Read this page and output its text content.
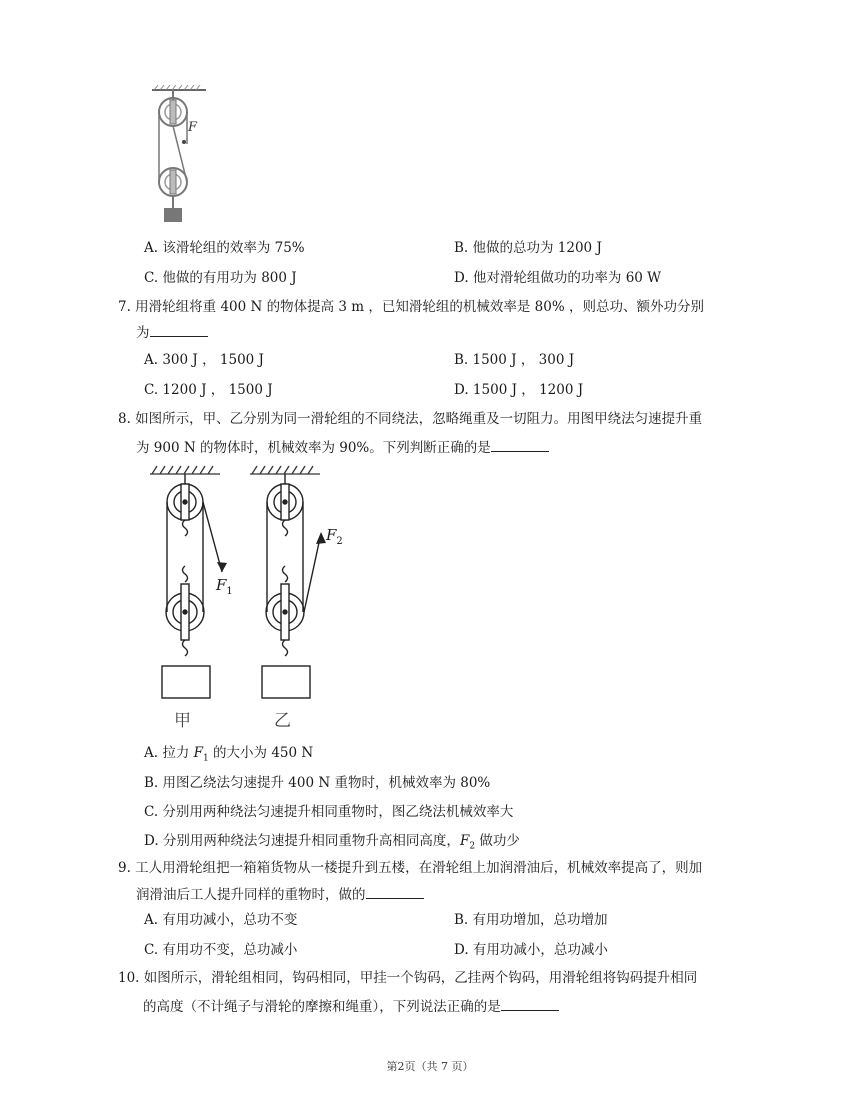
F
A. 该滑轮组的效率为 75%	B. 他做的总功为 1200 J
C. 他做的有用功为 800 J	D. 他对滑轮组做功的功率为 60 W
7. 用滑轮组将重 400 N 的物体提高 3 m ，已知滑轮组的机械效率是 80% ，则总功、额外功分别
为
A. 300 J ， 1500 J	B. 1500 J ， 300 J
C. 1200 J ， 1500 J	D. 1500 J ， 1200 J
8. 如图所示，甲、乙分别为同一滑轮组的不同绕法，忽略绳重及一切阻力。用图甲绕法匀速提升重
为 900 N 的物体时，机械效率为 90%。下列判断正确的是
$F_1$
$F_2$
甲	乙
A. 拉力 $F_1$ 的大小为 450 N
B. 用图乙绕法匀速提升 400 N 重物时，机械效率为 80%
C. 分别用两种绕法匀速提升相同重物时，图乙绕法机械效率大
D. 分别用两种绕法匀速提升相同重物升高相同高度，$F_2$ 做功少
9. 工人用滑轮组把一箱箱货物从一楼提升到五楼，在滑轮组上加润滑油后，机械效率提高了，则加
润滑油后工人提升同样的重物时，做的
A. 有用功减小，总功不变	B. 有用功增加，总功增加
C. 有用功不变，总功减小	D. 有用功减小，总功减小
10. 如图所示，滑轮组相同，钩码相同，甲挂一个钩码，乙挂两个钩码，用滑轮组将钩码提升相同
的高度（不计绳子与滑轮的摩擦和绳重），下列说法正确的是
第2页（共 7 页）
